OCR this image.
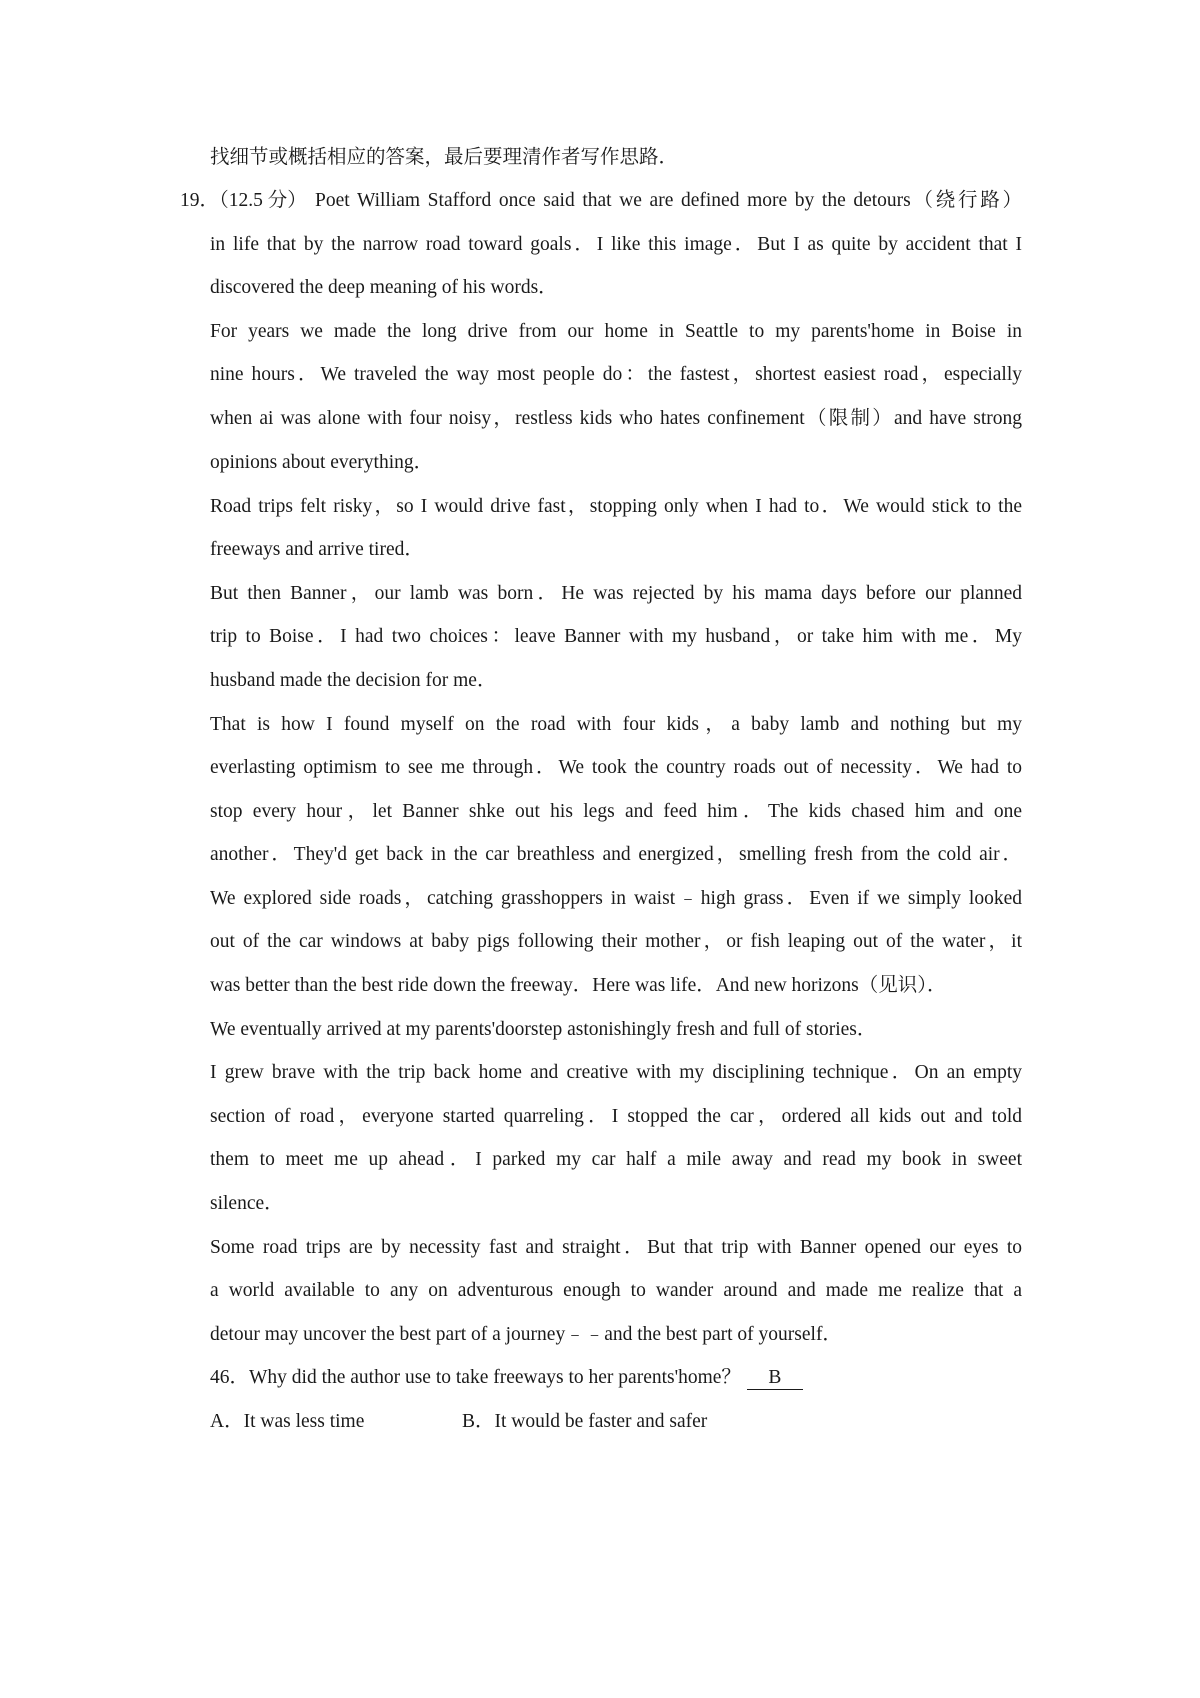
找细节或概括相应的答案，最后要理清作者写作思路．
19．（12.5 分） Poet William Stafford once said that we are defined more by the detours（绕行路）
in life that by the narrow road toward goals．I like this image．But I as quite by accident that I
discovered the deep meaning of his words．
For years we made the long drive from our home in Seattle to my parents'home in Boise in
nine hours．We traveled the way most people do：the fastest，shortest easiest road，especially
when ai was alone with four noisy，restless kids who hates confinement（限制）and have strong
opinions about everything．
Road trips felt risky，so I would drive fast，stopping only when I had to．We would stick to the
freeways and arrive tired．
But then Banner，our lamb was born．He was rejected by his mama days before our planned
trip to Boise．I had two choices：leave Banner with my husband，or take him with me．My
husband made the decision for me．
That is how I found myself on the road with four kids，a baby lamb and nothing but my
everlasting optimism to see me through．We took the country roads out of necessity．We had to
stop every hour，let Banner shke out his legs and feed him．The kids chased him and one
another．They'd get back in the car breathless and energized，smelling fresh from the cold air．
We explored side roads，catching grasshoppers in waist﹣high grass．Even if we simply looked
out of the car windows at baby pigs following their mother，or fish leaping out of the water，it
was better than the best ride down the freeway．Here was life．And new horizons（见识）．
We eventually arrived at my parents'doorstep astonishingly fresh and full of stories．
I grew brave with the trip back home and creative with my disciplining technique．On an empty
section of road，everyone started quarreling．I stopped the car，ordered all kids out and told
them to meet me up ahead．I parked my car half a mile away and read my book in sweet
silence．
Some road trips are by necessity fast and straight．But that trip with Banner opened our eyes to
a world available to any on adventurous enough to wander around and made me realize that a
detour may uncover the best part of a journey﹣﹣and the best part of yourself．
46．Why did the author use to take freeways to her parents'home？ B
A．It was less time	B．It would be faster and safer
